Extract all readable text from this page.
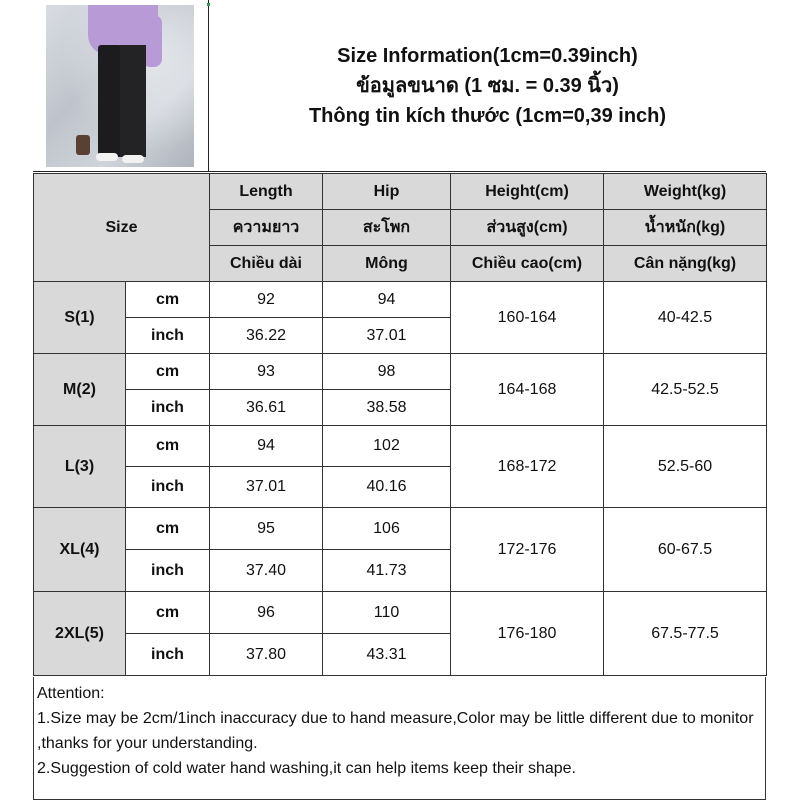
Size Information(1cm=0.39inch)
ข้อมูลขนาด (1 ซม. = 0.39 นิ้ว)
Thông tin kích thước (1cm=0,39 inch)
Size		Length	Hip	Height(cm)	Weight(kg)
		ความยาว	สะโพก	ส่วนสูง(cm)	น้ำหนัก(kg)
		Chiều dài	Mông	Chiều cao(cm)	Cân nặng(kg)
S(1)	cm	92	94	160-164	40-42.5
	inch	36.22	37.01		
M(2)	cm	93	98	164-168	42.5-52.5
	inch	36.61	38.58		
L(3)	cm	94	102	168-172	52.5-60
	inch	37.01	40.16		
XL(4)	cm	95	106	172-176	60-67.5
	inch	37.40	41.73		
2XL(5)	cm	96	110	176-180	67.5-77.5
	inch	37.80	43.31		
Attention:
1.Size may be 2cm/1inch inaccuracy due to hand measure,Color may be little different due to monitor ,thanks for your understanding.
2.Suggestion of cold water hand washing,it can help items keep their shape.
